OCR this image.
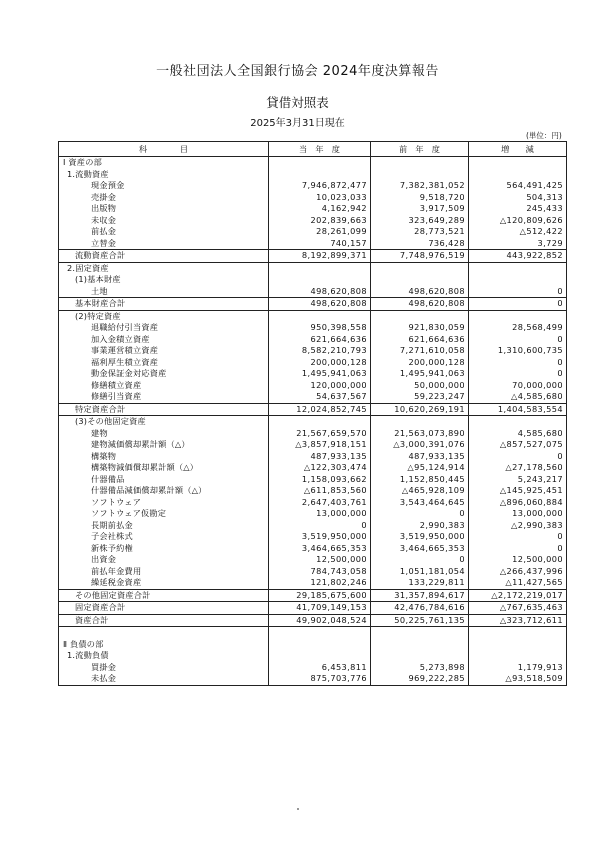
一般社団法人全国銀行協会 2024年度決算報告
貸借対照表
2025年3月31日現在
(単位：円)
科　　　　目	当　年　度	前　年　度	増　　減
Ⅰ 資産の部			
1.流動資産			
現金預金	7,946,872,477	7,382,381,052	564,491,425
売掛金	10,023,033	9,518,720	504,313
出版物	4,162,942	3,917,509	245,433
未収金	202,839,663	323,649,289	△120,809,626
前払金	28,261,099	28,773,521	△512,422
立替金	740,157	736,428	3,729
流動資産合計	8,192,899,371	7,748,976,519	443,922,852
2.固定資産			
(1)基本財産			
土地	498,620,808	498,620,808	0
基本財産合計	498,620,808	498,620,808	0
(2)特定資産			
退職給付引当資産	950,398,558	921,830,059	28,568,499
加入金積立資産	621,664,636	621,664,636	0
事業運営積立資産	8,582,210,793	7,271,610,058	1,310,600,735
福利厚生積立資産	200,000,128	200,000,128	0
動金保証金対応資産	1,495,941,063	1,495,941,063	0
修繕積立資産	120,000,000	50,000,000	70,000,000
修繕引当資産	54,637,567	59,223,247	△4,585,680
特定資産合計	12,024,852,745	10,620,269,191	1,404,583,554
(3)その他固定資産			
建物	21,567,659,570	21,563,073,890	4,585,680
建物減価償却累計額（△）	△3,857,918,151	△3,000,391,076	△857,527,075
構築物	487,933,135	487,933,135	0
構築物減価償却累計額（△）	△122,303,474	△95,124,914	△27,178,560
什器備品	1,158,093,662	1,152,850,445	5,243,217
什器備品減価償却累計額（△）	△611,853,560	△465,928,109	△145,925,451
ソフトウェア	2,647,403,761	3,543,464,645	△896,060,884
ソフトウェア仮勘定	13,000,000	0	13,000,000
長期前払金	0	2,990,383	△2,990,383
子会社株式	3,519,950,000	3,519,950,000	0
新株予約権	3,464,665,353	3,464,665,353	0
出資金	12,500,000	0	12,500,000
前払年金費用	784,743,058	1,051,181,054	△266,437,996
繰延税金資産	121,802,246	133,229,811	△11,427,565
その他固定資産合計	29,185,675,600	31,357,894,617	△2,172,219,017
固定資産合計	41,709,149,153	42,476,784,616	△767,635,463
資産合計	49,902,048,524	50,225,761,135	△323,712,611

Ⅱ 負債の部			
1.流動負債			
買掛金	6,453,811	5,273,898	1,179,913
未払金	875,703,776	969,222,285	△93,518,509
